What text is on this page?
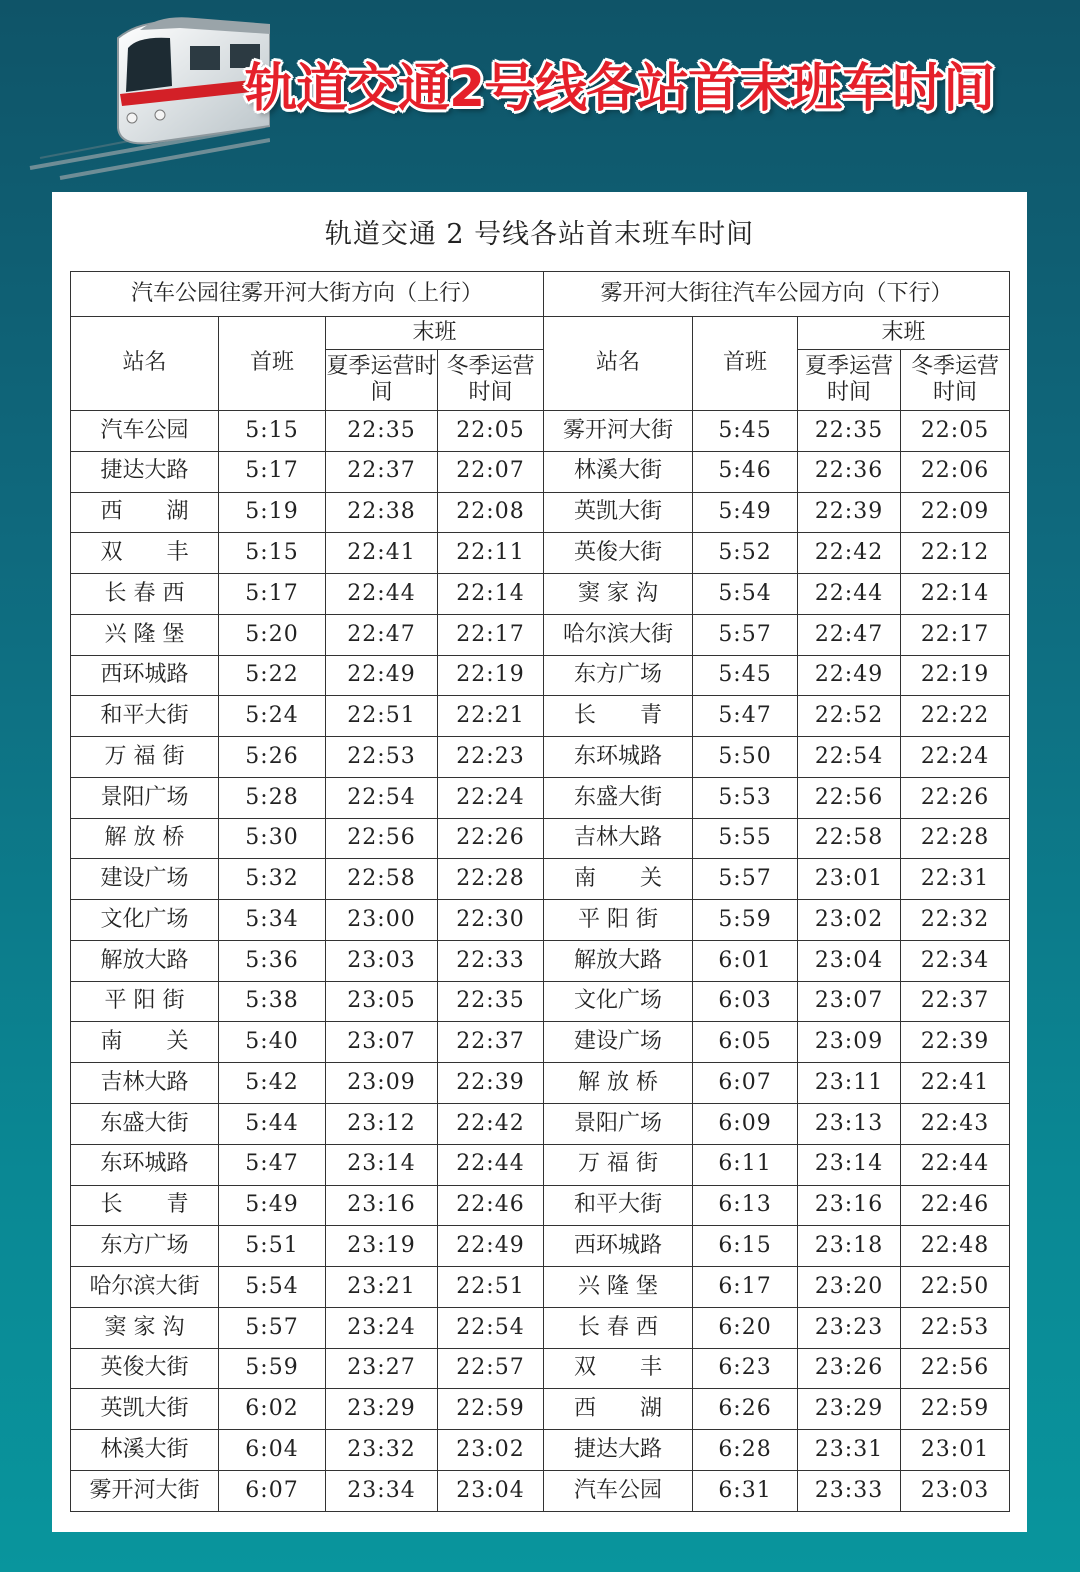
轨道交通2号线各站首末班车时间
轨道交通 2 号线各站首末班车时间
汽车公园往雾开河大街方向（上行）				雾开河大街往汽车公园方向（下行）			
站名	首班	末班		站名	首班	末班	
		夏季运营时间	冬季运营时间			夏季运营时间	冬季运营时间
汽车公园	5:15	22:35	22:05	雾开河大街	5:45	22:35	22:05
捷达大路	5:17	22:37	22:07	林溪大街	5:46	22:36	22:06
西　　湖	5:19	22:38	22:08	英凯大街	5:49	22:39	22:09
双　　丰	5:15	22:41	22:11	英俊大街	5:52	22:42	22:12
长 春 西	5:17	22:44	22:14	窦 家 沟	5:54	22:44	22:14
兴 隆 堡	5:20	22:47	22:17	哈尔滨大街	5:57	22:47	22:17
西环城路	5:22	22:49	22:19	东方广场	5:45	22:49	22:19
和平大街	5:24	22:51	22:21	长　　青	5:47	22:52	22:22
万 福 街	5:26	22:53	22:23	东环城路	5:50	22:54	22:24
景阳广场	5:28	22:54	22:24	东盛大街	5:53	22:56	22:26
解 放 桥	5:30	22:56	22:26	吉林大路	5:55	22:58	22:28
建设广场	5:32	22:58	22:28	南　　关	5:57	23:01	22:31
文化广场	5:34	23:00	22:30	平 阳 街	5:59	23:02	22:32
解放大路	5:36	23:03	22:33	解放大路	6:01	23:04	22:34
平 阳 街	5:38	23:05	22:35	文化广场	6:03	23:07	22:37
南　　关	5:40	23:07	22:37	建设广场	6:05	23:09	22:39
吉林大路	5:42	23:09	22:39	解 放 桥	6:07	23:11	22:41
东盛大街	5:44	23:12	22:42	景阳广场	6:09	23:13	22:43
东环城路	5:47	23:14	22:44	万 福 街	6:11	23:14	22:44
长　　青	5:49	23:16	22:46	和平大街	6:13	23:16	22:46
东方广场	5:51	23:19	22:49	西环城路	6:15	23:18	22:48
哈尔滨大街	5:54	23:21	22:51	兴 隆 堡	6:17	23:20	22:50
窦 家 沟	5:57	23:24	22:54	长 春 西	6:20	23:23	22:53
英俊大街	5:59	23:27	22:57	双　　丰	6:23	23:26	22:56
英凯大街	6:02	23:29	22:59	西　　湖	6:26	23:29	22:59
林溪大街	6:04	23:32	23:02	捷达大路	6:28	23:31	23:01
雾开河大街	6:07	23:34	23:04	汽车公园	6:31	23:33	23:03
